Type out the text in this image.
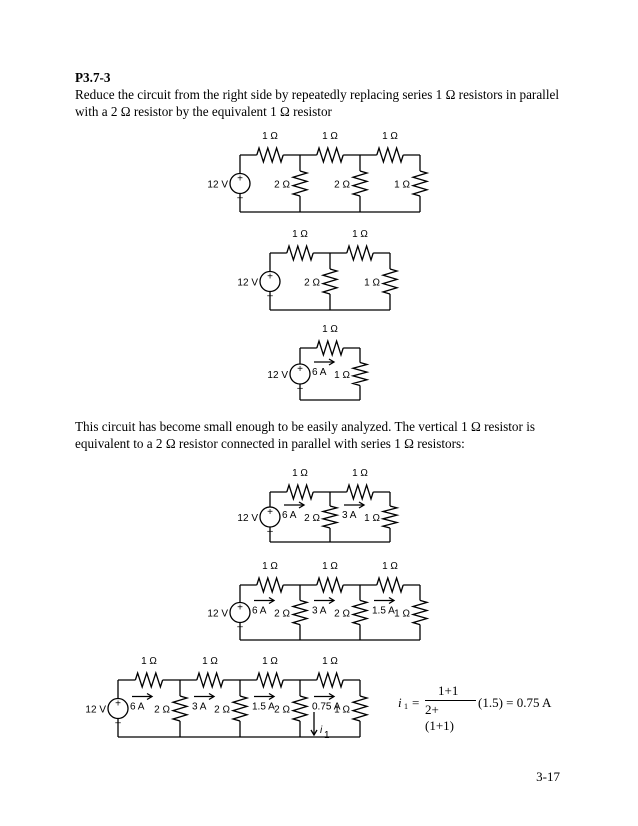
P3.7-3
Reduce the circuit from the right side by repeatedly replacing series 1 Ω resistors in parallel with a 2 Ω resistor by the equivalent 1 Ω resistor
This circuit has become small enough to be easily analyzed. The vertical 1 Ω resistor is equivalent to a 2 Ω resistor connected in parallel with series 1 Ω resistors:
+
–
12 V
1 Ω
2 Ω
1 Ω
2 Ω
1 Ω
1 Ω
+
–
12 V
1 Ω
2 Ω
1 Ω
1 Ω
+
–
12 V
1 Ω
1 Ω
6 A
+
–
12 V
1 Ω
2 Ω
6 A
1 Ω
1 Ω
3 A
+
–
12 V
1 Ω
2 Ω
6 A
1 Ω
2 Ω
3 A
1 Ω
1 Ω
1.5 A
+
–
12 V
1 Ω
2 Ω
6 A
1 Ω
2 Ω
3 A
1 Ω
2 Ω
1.5 A
1 Ω
1 Ω
0.75 A
i 1
i 1 =
1+1
2+(1+1)
(1.5) = 0.75 A
3-17
